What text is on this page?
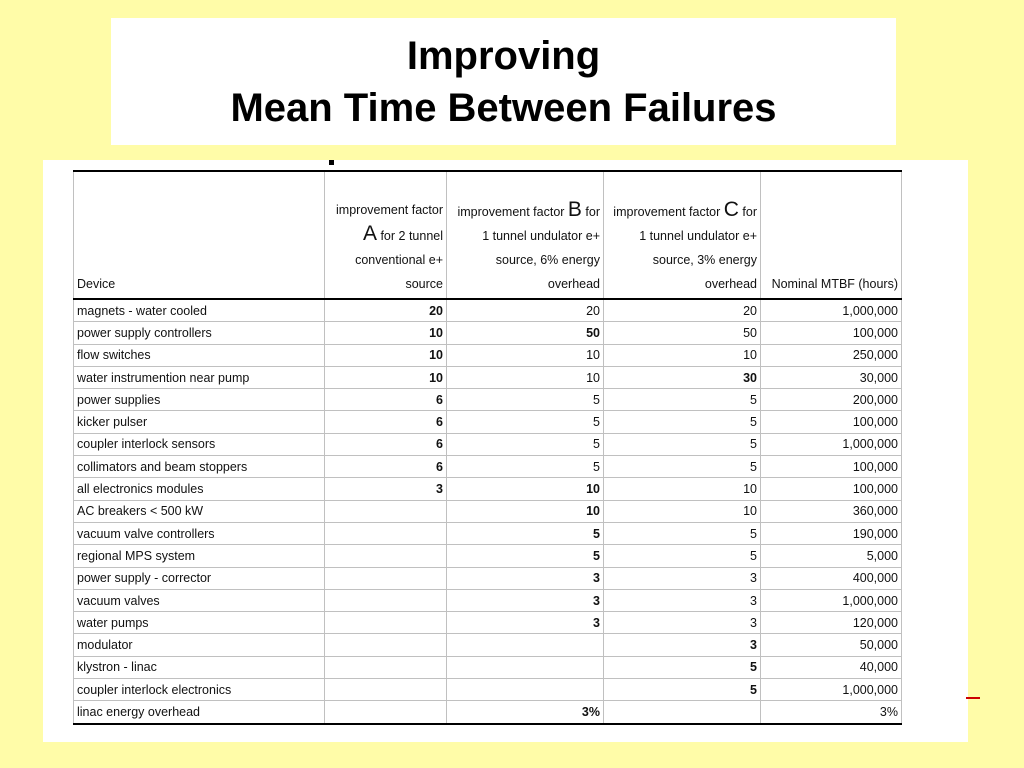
Improving
Mean Time Between Failures
Device	improvement factor A for 2 tunnel conventional e+ source	improvement factor B for 1 tunnel undulator e+ source, 6% energy overhead	improvement factor C for 1 tunnel undulator e+ source, 3% energy overhead	Nominal MTBF (hours)
magnets - water cooled	20	20	20	1,000,000
power supply controllers	10	50	50	100,000
flow switches	10	10	10	250,000
water instrumention near pump	10	10	30	30,000
power supplies	6	5	5	200,000
kicker pulser	6	5	5	100,000
coupler interlock sensors	6	5	5	1,000,000
collimators and beam stoppers	6	5	5	100,000
all electronics modules	3	10	10	100,000
AC breakers < 500 kW		10	10	360,000
vacuum valve controllers		5	5	190,000
regional MPS system		5	5	5,000
power supply - corrector		3	3	400,000
vacuum valves		3	3	1,000,000
water pumps		3	3	120,000
modulator			3	50,000
klystron - linac			5	40,000
coupler interlock electronics			5	1,000,000
linac energy overhead		3%		3%
